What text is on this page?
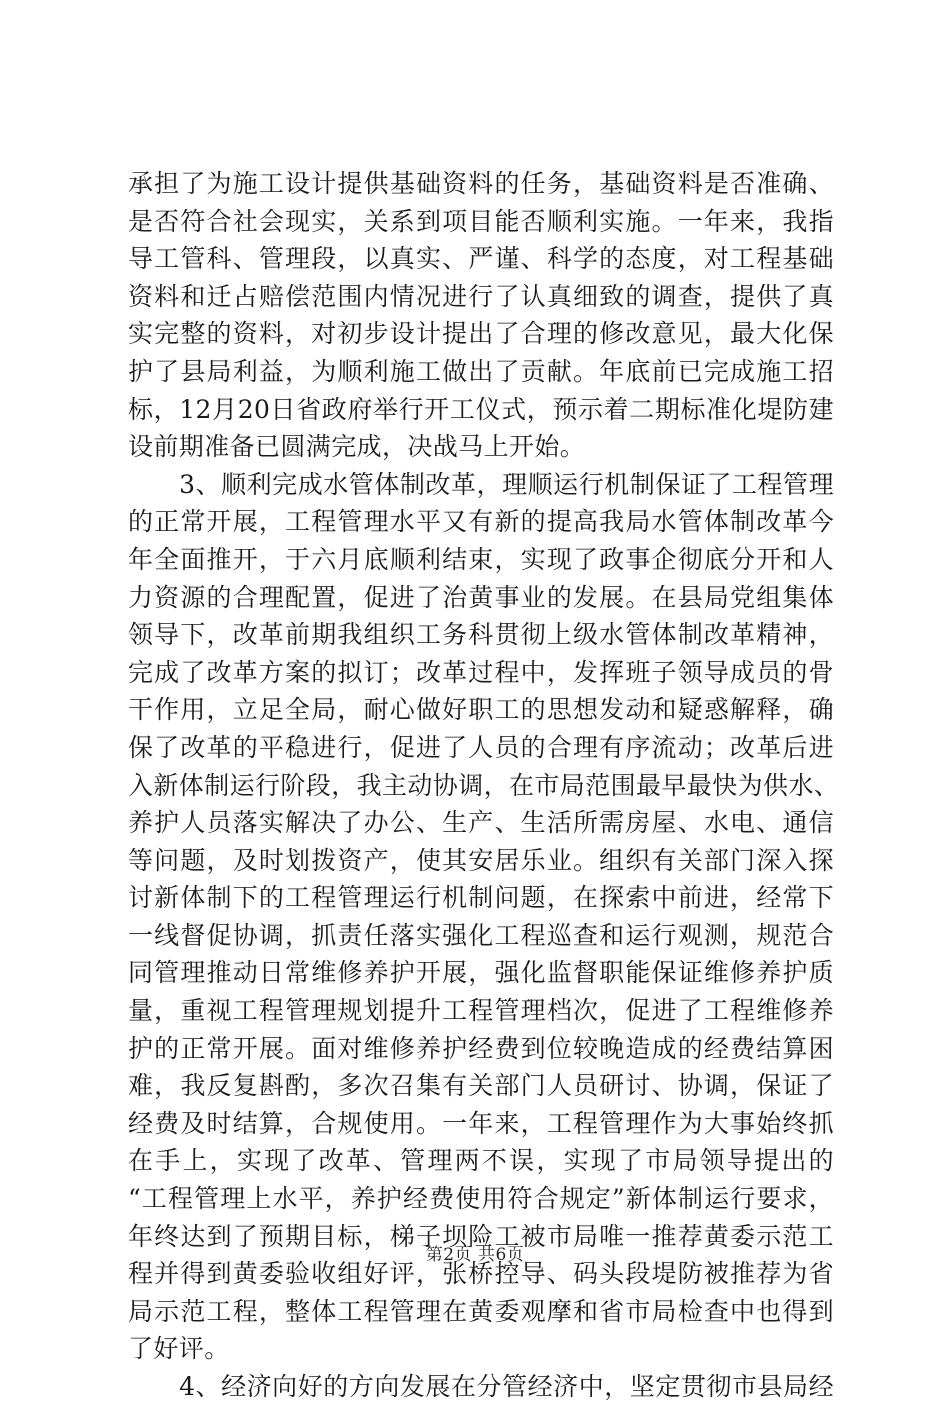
承担了为施工设计提供基础资料的任务，基础资料是否准确、
是否符合社会现实，关系到项目能否顺利实施。一年来，我指
导工管科、管理段，以真实、严谨、科学的态度，对工程基础
资料和迁占赔偿范围内情况进行了认真细致的调查，提供了真
实完整的资料，对初步设计提出了合理的修改意见，最大化保
护了县局利益，为顺利施工做出了贡献。年底前已完成施工招
标，12月20日省政府举行开工仪式，预示着二期标准化堤防建
设前期准备已圆满完成，决战马上开始。
　　3、顺利完成水管体制改革，理顺运行机制保证了工程管理
的正常开展，工程管理水平又有新的提高我局水管体制改革今
年全面推开，于六月底顺利结束，实现了政事企彻底分开和人
力资源的合理配置，促进了治黄事业的发展。在县局党组集体
领导下，改革前期我组织工务科贯彻上级水管体制改革精神，
完成了改革方案的拟订；改革过程中，发挥班子领导成员的骨
干作用，立足全局，耐心做好职工的思想发动和疑惑解释，确
保了改革的平稳进行，促进了人员的合理有序流动；改革后进
入新体制运行阶段，我主动协调，在市局范围最早最快为供水、
养护人员落实解决了办公、生产、生活所需房屋、水电、通信
等问题，及时划拨资产，使其安居乐业。组织有关部门深入探
讨新体制下的工程管理运行机制问题，在探索中前进，经常下
一线督促协调，抓责任落实强化工程巡查和运行观测，规范合
同管理推动日常维修养护开展，强化监督职能保证维修养护质
量，重视工程管理规划提升工程管理档次，促进了工程维修养
护的正常开展。面对维修养护经费到位较晚造成的经费结算困
难，我反复斟酌，多次召集有关部门人员研讨、协调，保证了
经费及时结算，合规使用。一年来，工程管理作为大事始终抓
在手上，实现了改革、管理两不误，实现了市局领导提出的
“工程管理上水平，养护经费使用符合规定”新体制运行要求，
年终达到了预期目标，梯子坝险工被市局唯一推荐黄委示范工
程并得到黄委验收组好评，张桥控导、码头段堤防被推荐为省
局示范工程，整体工程管理在黄委观摩和省市局检查中也得到
了好评。
　　4、经济向好的方向发展在分管经济中，坚定贯彻市县局经
第2页 共6页
